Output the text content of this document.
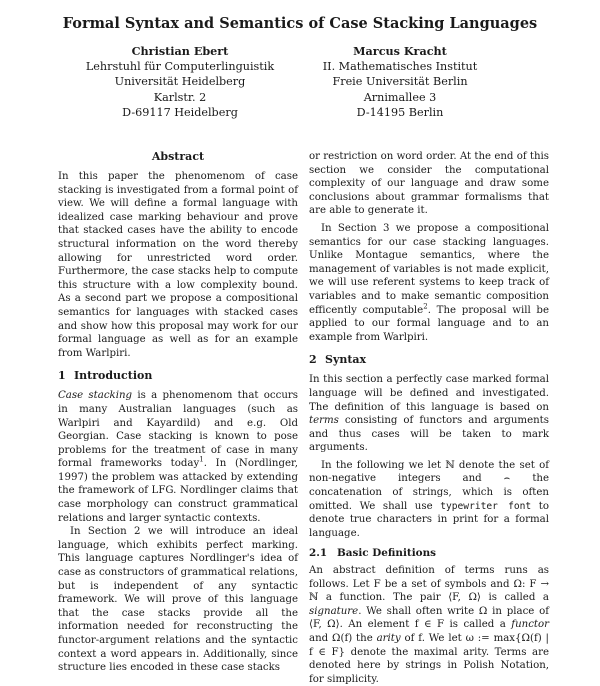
Formal Syntax and Semantics of Case Stacking Languages
Christian Ebert
Lehrstuhl für Computerlinguistik
Universität Heidelberg
Karlstr. 2
D-69117 Heidelberg
Marcus Kracht
II. Mathematisches Institut
Freie Universität Berlin
Arnimallee 3
D-14195 Berlin
Abstract

In this paper the phenomenom of case stacking is investigated from a formal point of view. We will define a formal language with idealized case marking behaviour and prove that stacked cases have the ability to encode structural information on the word thereby allowing for unrestricted word order. Furthermore, the case stacks help to compute this structure with a low complexity bound. As a second part we propose a compositional semantics for languages with stacked cases and show how this proposal may work for our formal language as well as for an example from Warlpiri.

1 Introduction

Case stacking is a phenomenom that occurs in many Australian languages (such as Warlpiri and Kayardild) and e.g. Old Georgian. Case stacking is known to pose problems for the treatment of case in many formal frameworks today$^1$. In (Nordlinger, 1997) the problem was attacked by extending the framework of LFG. Nordlinger claims that case morphology can construct grammatical relations and larger syntactic contexts.

In Section 2 we will introduce an ideal language, which exhibits perfect marking. This language captures Nordlinger's idea of case as constructors of grammatical relations, but is independent of any syntactic framework. We will prove of this language that the case stacks provide all the information needed for reconstructing the functor-argument relations and the syntactic context a word appears in. Additionally, since structure lies encoded in these case stacks

or restriction on word order. At the end of this section we consider the computational complexity of our language and draw some conclusions about grammar formalisms that are able to generate it.

In Section 3 we propose a compositional semantics for our case stacking languages. Unlike Montague semantics, where the management of variables is not made explicit, we will use referent systems to keep track of variables and to make semantic composition efficently computable$^2$. The proposal will be applied to our formal language and to an example from Warlpiri.

2 Syntax

In this section a perfectly case marked formal language will be defined and investigated. The definition of this language is based on terms consisting of functors and arguments and thus cases will be taken to mark arguments.

In the following we let ℕ denote the set of non-negative integers and ⌢ the concatenation of strings, which is often omitted. We shall use typewriter font to denote true characters in print for a formal language.

2.1 Basic Definitions

An abstract definition of terms runs as follows. Let F be a set of symbols and Ω: F → ℕ a function. The pair ⟨F, Ω⟩ is called a signature. We shall often write Ω in place of ⟨F, Ω⟩. An element f ∈ F is called a functor and Ω(f) the arity of f. We let ω := max{Ω(f) | f ∈ F} denote the maximal arity. Terms are denoted here by strings in Polish Notation, for simplicity.
